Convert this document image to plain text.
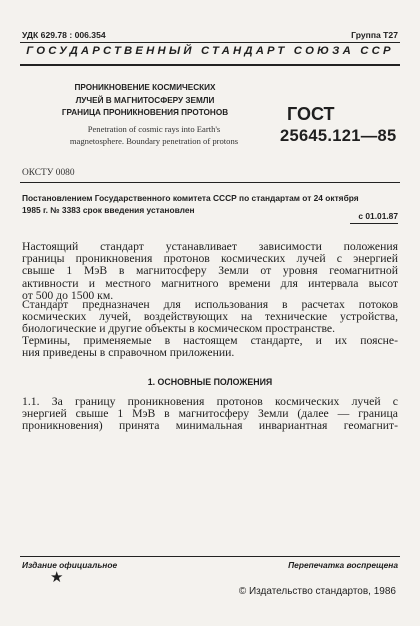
УДК 629.78 : 006.354	Группа Т27
ГОСУДАРСТВЕННЫЙ СТАНДАРТ СОЮЗА ССР
ПРОНИКНОВЕНИЕ КОСМИЧЕСКИХ
ЛУЧЕЙ В МАГНИТОСФЕРУ ЗЕМЛИ
ГРАНИЦА ПРОНИКНОВЕНИЯ ПРОТОНОВ
Penetration of cosmic rays into Earth's
magnetosphere. Boundary penetration of protons
ГОСТ
25645.121—85
ОКСТУ 0080
Постановлением Государственного комитета СССР по стандартам от 24 октября
1985 г. № 3383 срок введения установлен
с 01.01.87
Настоящий стандарт устанавливает зависимости положения
границы проникновения протонов космических лучей с энергией
свыше 1 МэВ в магнитосферу Земли от уровня геомагнитной
активности и местного магнитного времени для интервала высот
от 500 до 1500 км.
Стандарт предназначен для использования в расчетах потоков
космических лучей, воздействующих на технические устройства,
биологические и другие объекты в космическом пространстве.
Термины, применяемые в настоящем стандарте, и их поясне-
ния приведены в справочном приложении.
1. ОСНОВНЫЕ ПОЛОЖЕНИЯ
1.1. За границу проникновения протонов космических лучей с
энергией свыше 1 МэВ в магнитосферу Земли (далее — граница
проникновения) принята минимальная инвариантная геомагнит-
Издание официальное	Перепечатка воспрещена
★
© Издательство стандартов, 1986
